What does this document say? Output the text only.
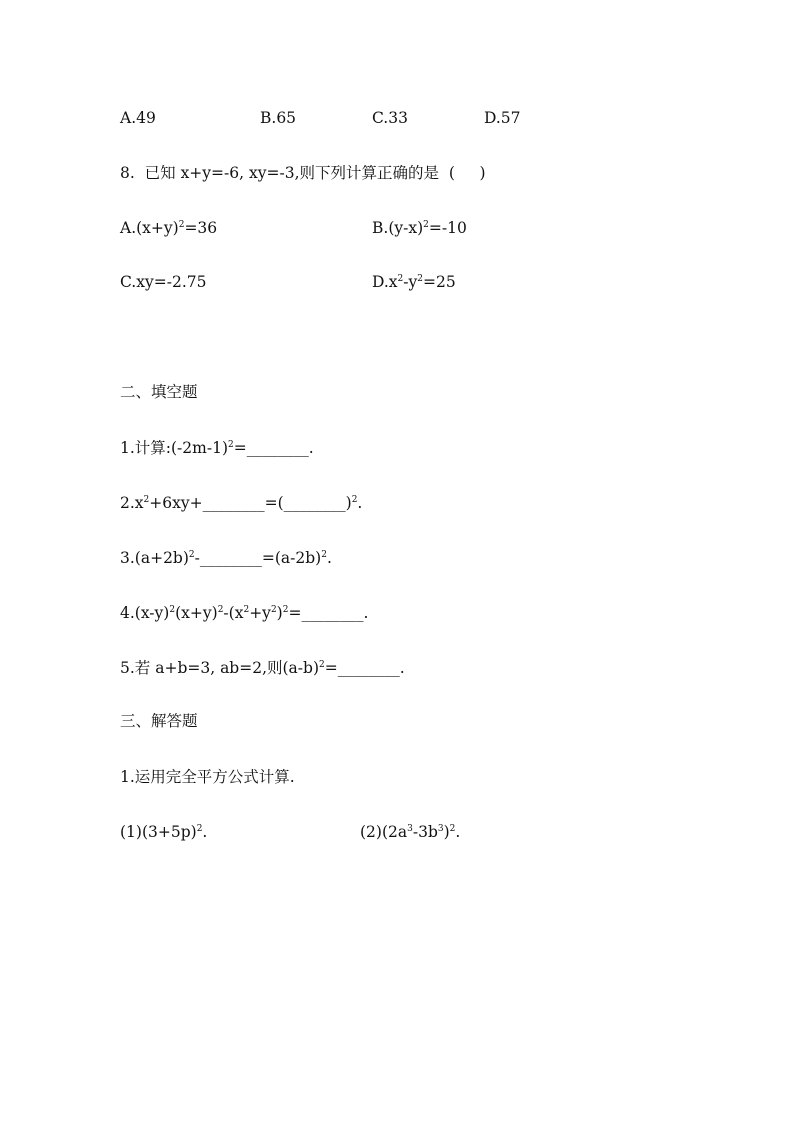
A.49	B.65	C.33	D.57
8.  已知 x+y=-6, xy=-3,则下列计算正确的是  (     )
$A.(x+y)^2=36$	$B.(y-x)^2=-10$
C.xy=-2.75	$D.x^2-y^2=25$
二、填空题
1.计算$:(-2m-1)^2=\_\_\_\_\_\_\_\_$.
$2.x^2+6xy+\_\_\_\_\_\_\_\_=(\_\_\_\_\_\_\_\_)^2$.
$3.(a+2b)^2-\_\_\_\_\_\_\_\_=(a-2b)^2$.
$4.(x-y)^2(x+y)^2-(x^2+y^2)^2=\_\_\_\_\_\_\_\_$.
5.若 a+b=3, ab=2,则$(a-b)^2=\_\_\_\_\_\_\_\_$.
三、解答题
1.运用完全平方公式计算.
$(1)(3+5p)^2$.	$(2)(2a^3-3b^3)^2$.
